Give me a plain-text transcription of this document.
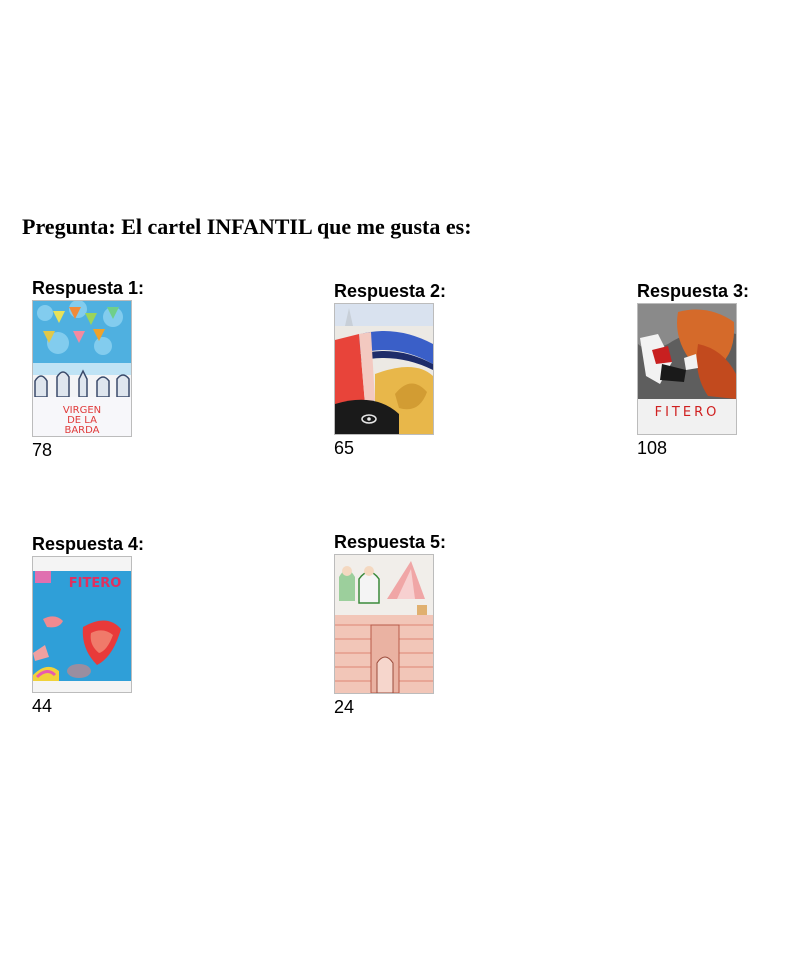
Pregunta: El cartel INFANTIL que me gusta es:
Respuesta 1:
VIRGEN
DE LA
BARDA
78
Respuesta 2:
65
Respuesta 3:
FITERO
108
Respuesta 4:
FITERO
44
Respuesta 5:
24
